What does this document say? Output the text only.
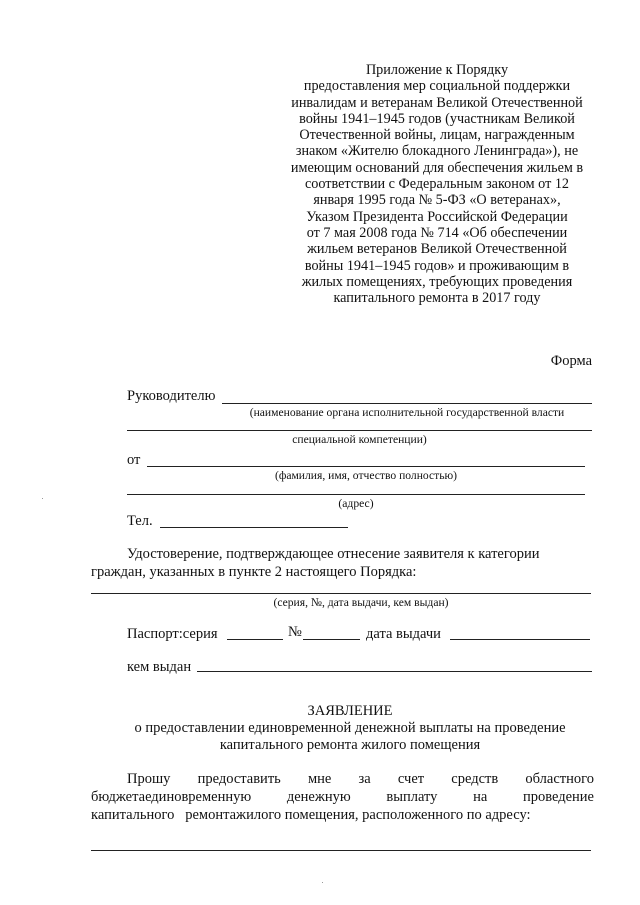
Приложение к Порядку
предоставления мер социальной поддержки
инвалидам и ветеранам Великой Отечественной
войны 1941–1945 годов (участникам Великой
Отечественной войны, лицам, награжденным
знаком «Жителю блокадного Ленинграда»), не
имеющим оснований для обеспечения жильем в
соответствии с Федеральным законом от 12
января 1995 года № 5-ФЗ «О ветеранах»,
Указом Президента Российской Федерации
от 7 мая 2008 года № 714 «Об обеспечении
жильем ветеранов Великой Отечественной
войны 1941–1945 годов» и проживающим в
жилых помещениях, требующих проведения
капитального ремонта в 2017 году
Форма
Руководителю
(наименование органа исполнительной государственной власти
специальной компетенции)
от
(фамилия, имя, отчество полностью)
(адрес)
Тел.
Удостоверение, подтверждающее отнесение заявителя к категории
граждан, указанных в пункте 2 настоящего Порядка:
(серия, №, дата выдачи, кем выдан)
Паспорт:серия	№	дата выдачи
кем выдан
ЗАЯВЛЕНИЕ
о предоставлении единовременной денежной выплаты на проведение
капитального ремонта жилого помещения
Прошу предоставить мне за счет средств областного
бюджетаединовременную денежную выплату на проведение
капитального   ремонтажилого помещения, расположенного по адресу:
